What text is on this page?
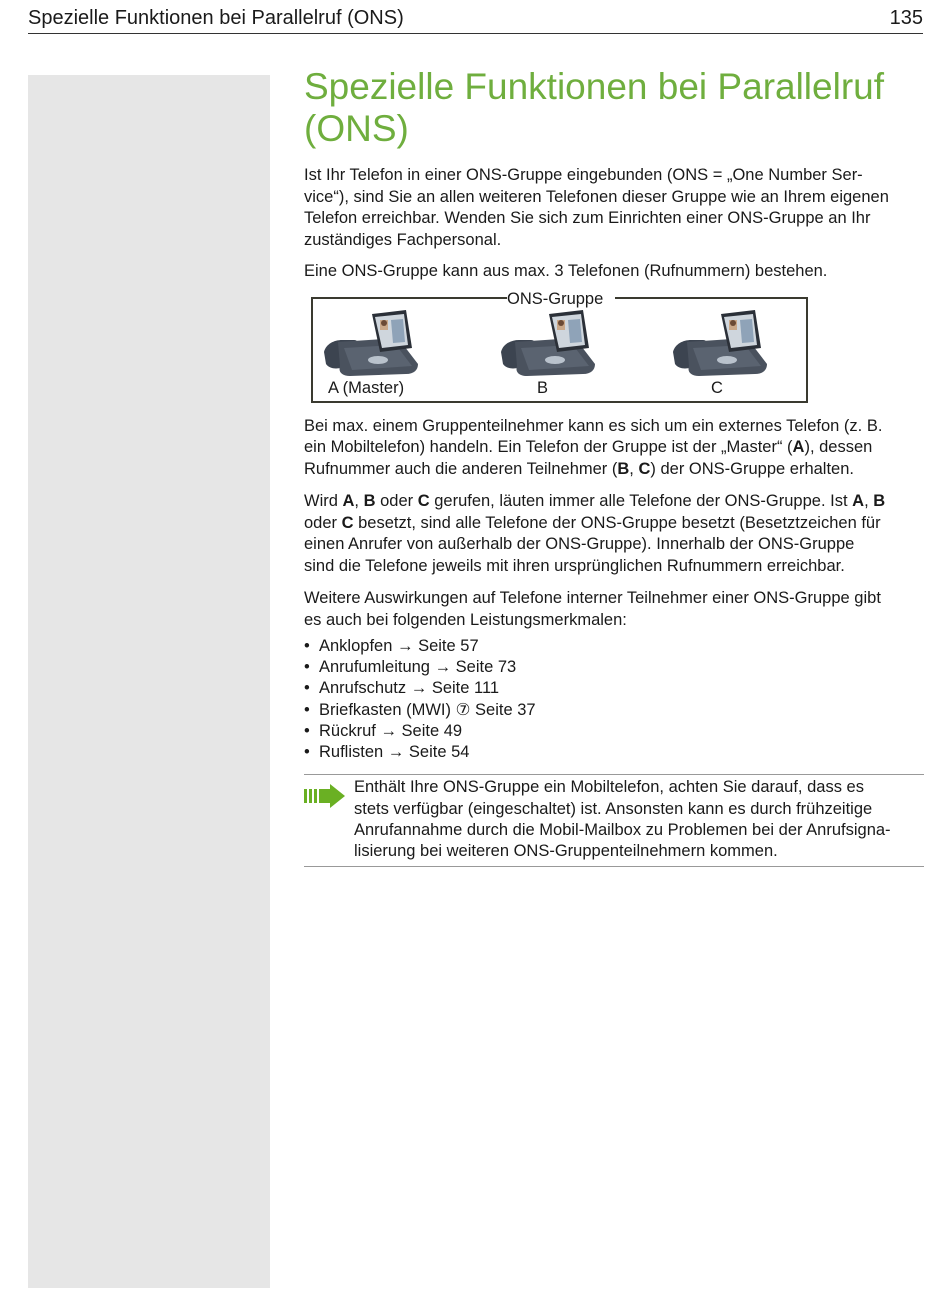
Spezielle Funktionen bei Parallelruf (ONS)	135
Spezielle Funktionen bei Parallelruf
(ONS)

Ist Ihr Telefon in einer ONS-Gruppe eingebunden (ONS = „One Number Ser-
vice“), sind Sie an allen weiteren Telefonen dieser Gruppe wie an Ihrem eigenen
Telefon erreichbar. Wenden Sie sich zum Einrichten einer ONS-Gruppe an Ihr
zuständiges Fachpersonal.

Eine ONS-Gruppe kann aus max. 3 Telefonen (Rufnummern) bestehen.

ONS-Gruppe
A (Master)	B	C

Bei max. einem Gruppenteilnehmer kann es sich um ein externes Telefon (z. B.
ein Mobiltelefon) handeln. Ein Telefon der Gruppe ist der „Master“ (A), dessen
Rufnummer auch die anderen Teilnehmer (B, C) der ONS-Gruppe erhalten.

Wird A, B oder C gerufen, läuten immer alle Telefone der ONS-Gruppe. Ist A, B
oder C besetzt, sind alle Telefone der ONS-Gruppe besetzt (Besetztzeichen für
einen Anrufer von außerhalb der ONS-Gruppe). Innerhalb der ONS-Gruppe
sind die Telefone jeweils mit ihren ursprünglichen Rufnummern erreichbar.

Weitere Auswirkungen auf Telefone interner Teilnehmer einer ONS-Gruppe gibt
es auch bei folgenden Leistungsmerkmalen:

• Anklopfen → Seite 57
• Anrufumleitung → Seite 73
• Anrufschutz → Seite 111
• Briefkasten (MWI) ⑦ Seite 37
• Rückruf → Seite 49
• Ruflisten → Seite 54

Enthält Ihre ONS-Gruppe ein Mobiltelefon, achten Sie darauf, dass es
stets verfügbar (eingeschaltet) ist. Ansonsten kann es durch frühzeitige
Anrufannahme durch die Mobil-Mailbox zu Problemen bei der Anrufsigna-
lisierung bei weiteren ONS-Gruppenteilnehmern kommen.
